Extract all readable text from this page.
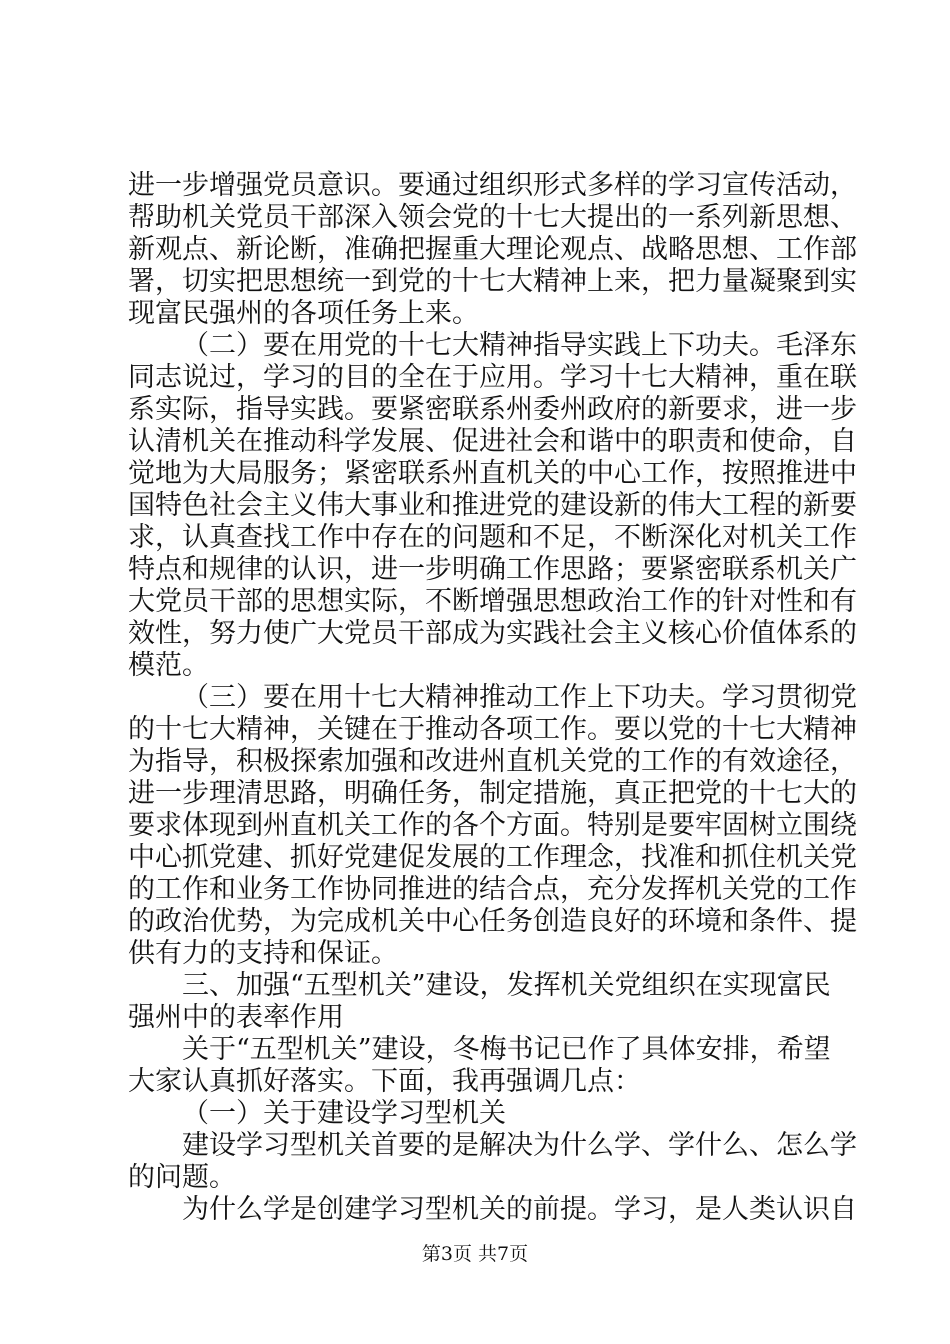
进一步增强党员意识。要通过组织形式多样的学习宣传活动，
帮助机关党员干部深入领会党的十七大提出的一系列新思想、
新观点、新论断，准确把握重大理论观点、战略思想、工作部
署，切实把思想统一到党的十七大精神上来，把力量凝聚到实
现富民强州的各项任务上来。
（二）要在用党的十七大精神指导实践上下功夫。毛泽东
同志说过，学习的目的全在于应用。学习十七大精神，重在联
系实际，指导实践。要紧密联系州委州政府的新要求，进一步
认清机关在推动科学发展、促进社会和谐中的职责和使命，自
觉地为大局服务；紧密联系州直机关的中心工作，按照推进中
国特色社会主义伟大事业和推进党的建设新的伟大工程的新要
求，认真查找工作中存在的问题和不足，不断深化对机关工作
特点和规律的认识，进一步明确工作思路；要紧密联系机关广
大党员干部的思想实际，不断增强思想政治工作的针对性和有
效性，努力使广大党员干部成为实践社会主义核心价值体系的
模范。
（三）要在用十七大精神推动工作上下功夫。学习贯彻党
的十七大精神，关键在于推动各项工作。要以党的十七大精神
为指导，积极探索加强和改进州直机关党的工作的有效途径，
进一步理清思路，明确任务，制定措施，真正把党的十七大的
要求体现到州直机关工作的各个方面。特别是要牢固树立围绕
中心抓党建、抓好党建促发展的工作理念，找准和抓住机关党
的工作和业务工作协同推进的结合点，充分发挥机关党的工作
的政治优势，为完成机关中心任务创造良好的环境和条件、提
供有力的支持和保证。
三、加强“五型机关”建设，发挥机关党组织在实现富民
强州中的表率作用
关于“五型机关”建设，冬梅书记已作了具体安排，希望
大家认真抓好落实。下面，我再强调几点：
（一）关于建设学习型机关
建设学习型机关首要的是解决为什么学、学什么、怎么学
的问题。
为什么学是创建学习型机关的前提。学习，是人类认识自
第3页 共7页
